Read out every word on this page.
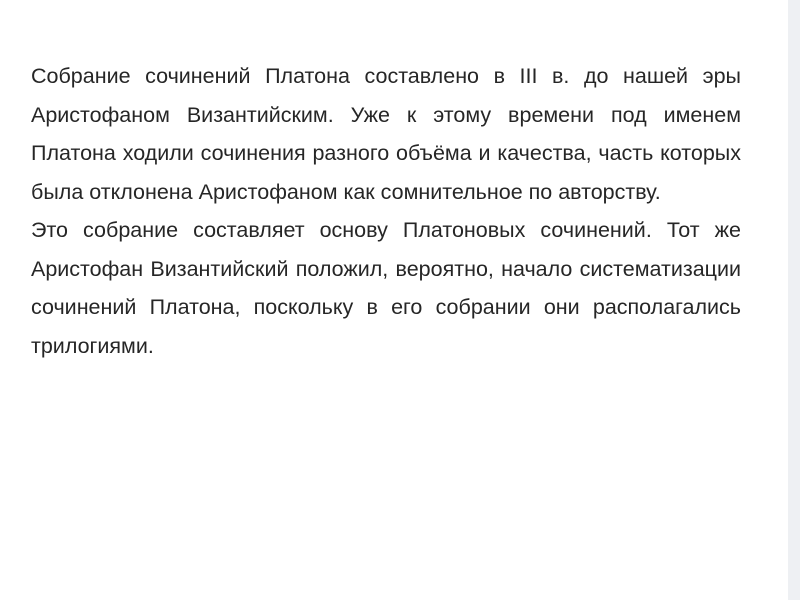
Собрание сочинений Платона составлено в III в. до нашей эры Аристофаном Византийским. Уже к этому времени под именем Платона ходили сочинения разного объёма и качества, часть которых была отклонена Аристофаном как сомнительное по авторству.

Это собрание составляет основу Платоновых сочинений. Тот же Аристофан Византийский положил, вероятно, начало систематизации сочинений Платона, поскольку в его собрании они располагались трилогиями.
